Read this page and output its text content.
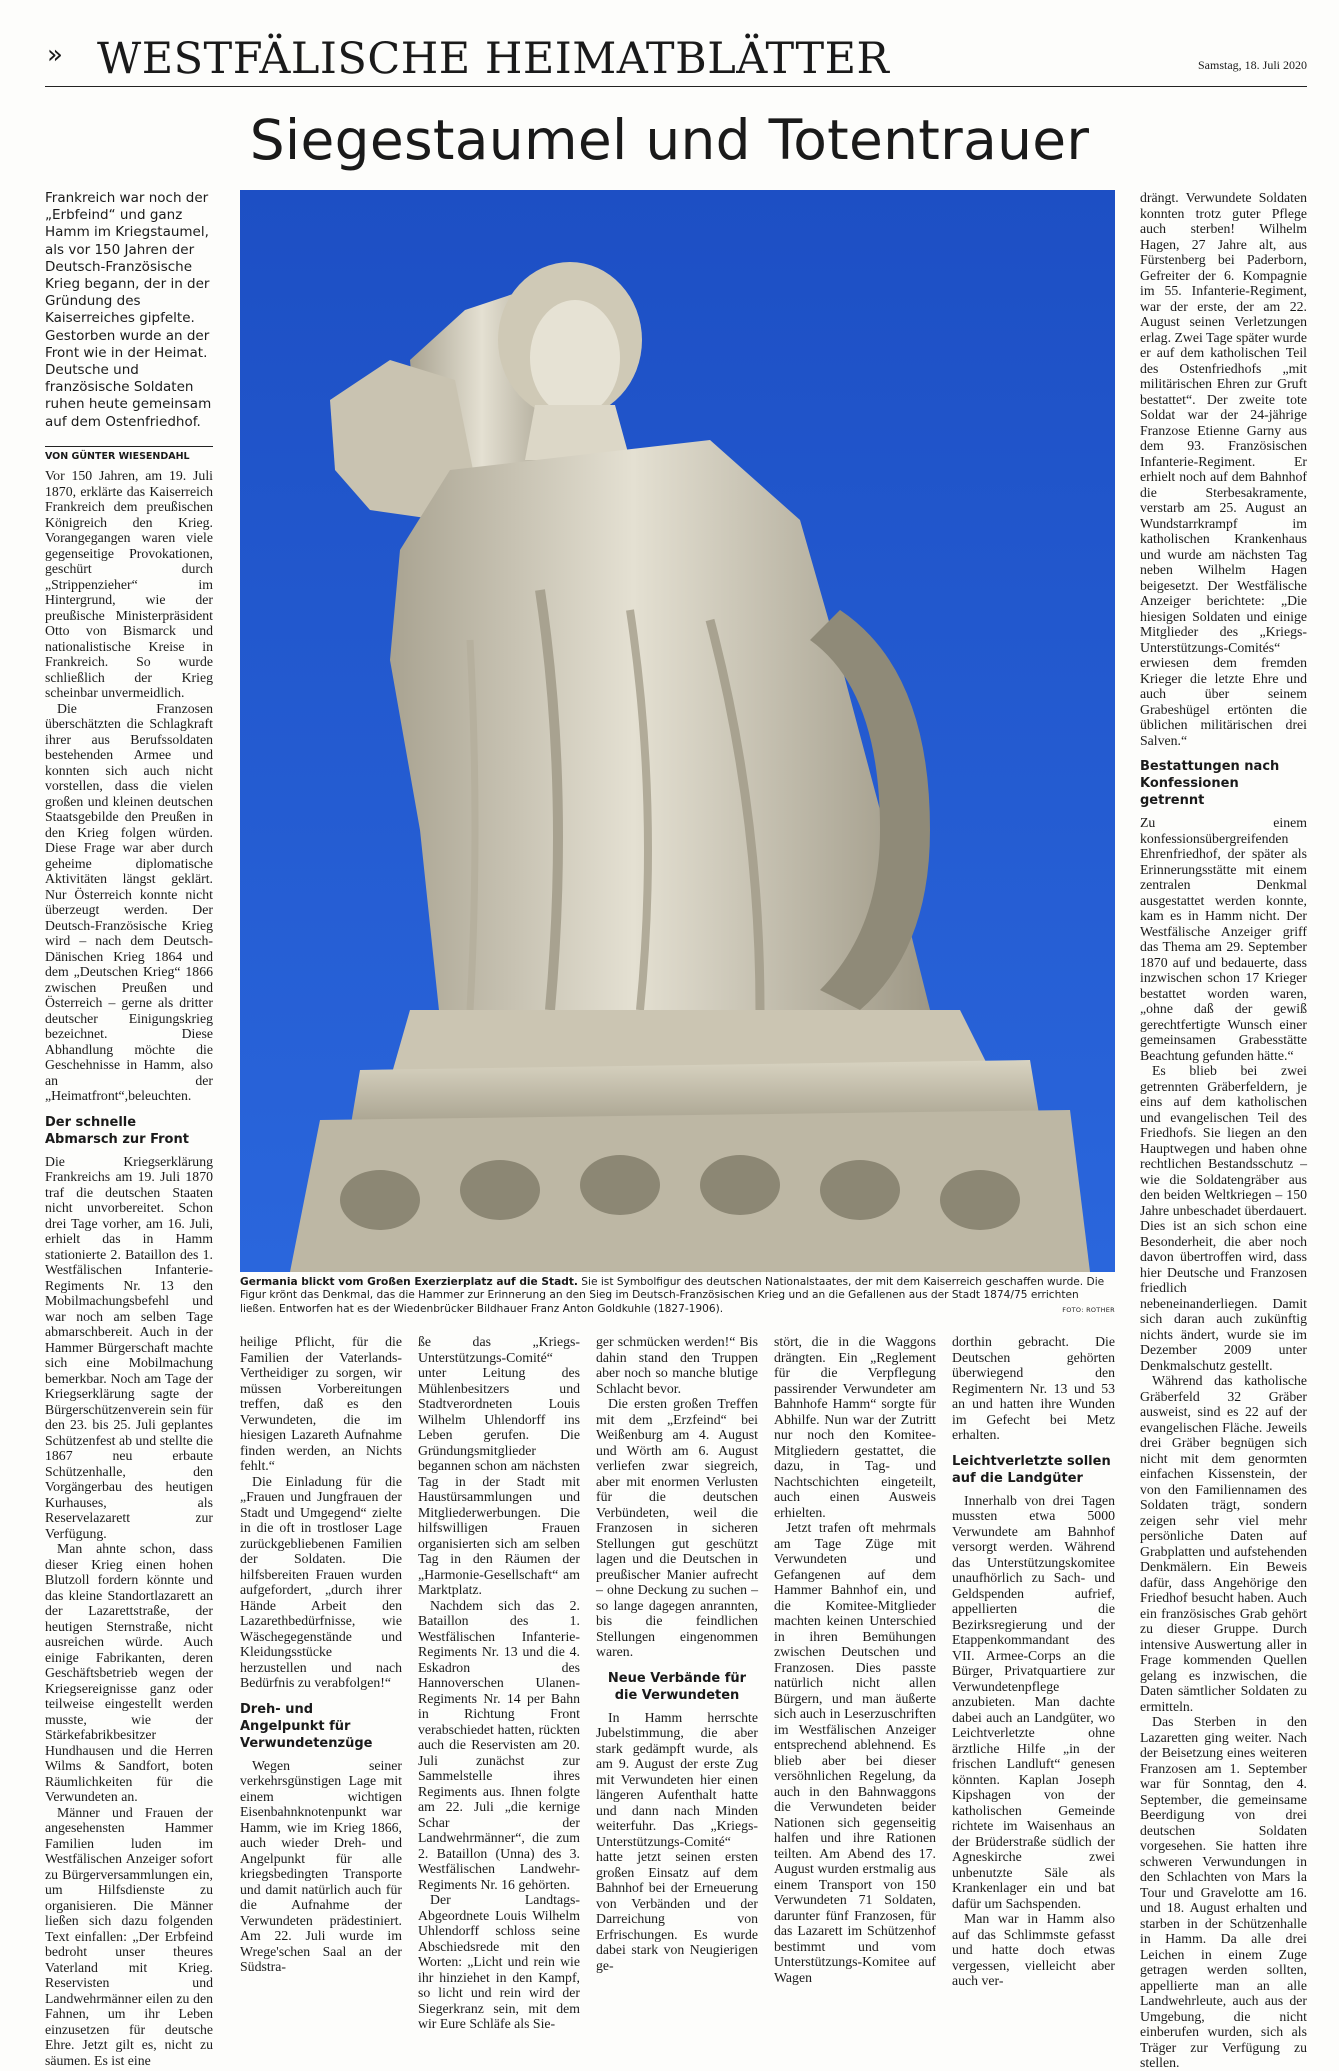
» WESTFÄLISCHE HEIMATBLÄTTER	Samstag, 18. Juli 2020
Siegestaumel und Totentrauer
Frankreich war noch der „Erbfeind“ und ganz Hamm im Kriegstaumel, als vor 150 Jahren der Deutsch-Französische Krieg begann, der in der Gründung des Kaiserreiches gipfelte. Gestorben wurde an der Front wie in der Heimat. Deutsche und französische Soldaten ruhen heute gemeinsam auf dem Ostenfriedhof.
VON GÜNTER WIESENDAHL

Vor 150 Jahren, am 19. Juli 1870, erklärte das Kaiserreich Frankreich dem preußischen Königreich den Krieg. Vorangegangen waren viele gegenseitige Provokationen, geschürt durch „Strippenzieher“ im Hintergrund, wie der preußische Ministerpräsident Otto von Bismarck und nationalistische Kreise in Frankreich. So wurde schließlich der Krieg scheinbar unvermeidlich.

Die Franzosen überschätzten die Schlagkraft ihrer aus Berufssoldaten bestehenden Armee und konnten sich auch nicht vorstellen, dass die vielen großen und kleinen deutschen Staatsgebilde den Preußen in den Krieg folgen würden. Diese Frage war aber durch geheime diplomatische Aktivitäten längst geklärt. Nur Österreich konnte nicht überzeugt werden. Der Deutsch-Französische Krieg wird – nach dem Deutsch-Dänischen Krieg 1864 und dem „Deutschen Krieg“ 1866 zwischen Preußen und Österreich – gerne als dritter deutscher Einigungskrieg bezeichnet. Diese Abhandlung möchte die Geschehnisse in Hamm, also an der „Heimatfront“,beleuchten.

Der schnelle Abmarsch zur Front

Die Kriegserklärung Frankreichs am 19. Juli 1870 traf die deutschen Staaten nicht unvorbereitet. Schon drei Tage vorher, am 16. Juli, erhielt das in Hamm stationierte 2. Bataillon des 1. Westfälischen Infanterie-Regiments Nr. 13 den Mobilmachungsbefehl und war noch am selben Tage abmarschbereit. Auch in der Hammer Bürgerschaft machte sich eine Mobilmachung bemerkbar. Noch am Tage der Kriegserklärung sagte der Bürgerschützenverein sein für den 23. bis 25. Juli geplantes Schützenfest ab und stellte die 1867 neu erbaute Schützenhalle, den Vorgängerbau des heutigen Kurhauses, als Reservelazarett zur Verfügung.

Man ahnte schon, dass dieser Krieg einen hohen Blutzoll fordern könnte und das kleine Standortlazarett an der Lazarettstraße, der heutigen Sternstraße, nicht ausreichen würde. Auch einige Fabrikanten, deren Geschäftsbetrieb wegen der Kriegsereignisse ganz oder teilweise eingestellt werden musste, wie der Stärkefabrikbesitzer Hundhausen und die Herren Wilms & Sandfort, boten Räumlichkeiten für die Verwundeten an.

Männer und Frauen der angesehensten Hammer Familien luden im Westfälischen Anzeiger sofort zu Bürgerversammlungen ein, um Hilfsdienste zu organisieren. Die Männer ließen sich dazu folgenden Text einfallen: „Der Erbfeind bedroht unser theures Vaterland mit Krieg. Reservisten und Landwehrmänner eilen zu den Fahnen, um ihr Leben einzusetzen für deutsche Ehre. Jetzt gilt es, nicht zu säumen. Es ist eine

Germania blickt vom Großen Exerzierplatz auf die Stadt. Sie ist Symbolfigur des deutschen Nationalstaates, der mit dem Kaiserreich geschaffen wurde. Die Figur krönt das Denkmal, das die Hammer zur Erinnerung an den Sieg im Deutsch-Französischen Krieg und an die Gefallenen aus der Stadt 1874/75 errichten ließen. Entworfen hat es der Wiedenbrücker Bildhauer Franz Anton Goldkuhle (1827-1906).	FOTO: ROTHER

drängt. Verwundete Soldaten konnten trotz guter Pflege auch sterben! Wilhelm Hagen, 27 Jahre alt, aus Fürstenberg bei Paderborn, Gefreiter der 6. Kompagnie im 55. Infanterie-Regiment, war der erste, der am 22. August seinen Verletzungen erlag. Zwei Tage später wurde er auf dem katholischen Teil des Ostenfriedhofs „mit militärischen Ehren zur Gruft bestattet“. Der zweite tote Soldat war der 24-jährige Franzose Etienne Garny aus dem 93. Französischen Infanterie-Regiment. Er erhielt noch auf dem Bahnhof die Sterbesakramente, verstarb am 25. August an Wundstarrkrampf im katholischen Krankenhaus und wurde am nächsten Tag neben Wilhelm Hagen beigesetzt. Der Westfälische Anzeiger berichtete: „Die hiesigen Soldaten und einige Mitglieder des „Kriegs-Unterstützungs-Comités“ erwiesen dem fremden Krieger die letzte Ehre und auch über seinem Grabeshügel ertönten die üblichen militärischen drei Salven.“

Bestattungen nach Konfessionen getrennt

Zu einem konfessionsübergreifenden Ehrenfriedhof, der später als Erinnerungsstätte mit einem zentralen Denkmal ausgestattet werden konnte, kam es in Hamm nicht. Der Westfälische Anzeiger griff das Thema am 29. September 1870 auf und bedauerte, dass inzwischen schon 17 Krieger bestattet worden waren, „ohne daß der gewiß gerechtfertigte Wunsch einer gemeinsamen Grabesstätte Beachtung gefunden hätte.“

Es blieb bei zwei getrennten Gräberfeldern, je eins auf dem katholischen und evangelischen Teil des Friedhofs. Sie liegen an den Hauptwegen und haben ohne rechtlichen Bestandsschutz – wie die Soldatengräber aus den beiden Weltkriegen – 150 Jahre unbeschadet überdauert. Dies ist an sich schon eine Besonderheit, die aber noch davon übertroffen wird, dass hier Deutsche und Franzosen friedlich nebeneinanderliegen. Damit sich daran auch zukünftig nichts ändert, wurde sie im Dezember 2009 unter Denkmalschutz gestellt.

Während das katholische Gräberfeld 32 Gräber ausweist, sind es 22 auf der evangelischen Fläche. Jeweils drei Gräber begnügen sich nicht mit dem genormten einfachen Kissenstein, der von den Familiennamen des Soldaten trägt, sondern zeigen sehr viel mehr persönliche Daten auf Grabplatten und aufstehenden Denkmälern. Ein Beweis dafür, dass Angehörige den Friedhof besucht haben. Auch ein französisches Grab gehört zu dieser Gruppe. Durch intensive Auswertung aller in Frage kommenden Quellen gelang es inzwischen, die Daten sämtlicher Soldaten zu ermitteln.

Das Sterben in den Lazaretten ging weiter. Nach der Beisetzung eines weiteren Franzosen am 1. September war für Sonntag, den 4. September, die gemeinsame Beerdigung von drei deutschen Soldaten vorgesehen. Sie hatten ihre schweren Verwundungen in den Schlachten von Mars la Tour und Gravelotte am 16. und 18. August erhalten und starben in der Schützenhalle in Hamm. Da alle drei Leichen in einem Zuge getragen werden sollten, appellierte man an alle Landwehrleute, auch aus der Umgebung, die nicht einberufen wurden, sich als Träger zur Verfügung zu stellen.

heilige Pflicht, für die Familien der Vaterlands-Vertheidiger zu sorgen, wir müssen Vorbereitungen treffen, daß es den Verwundeten, die im hiesigen Lazareth Aufnahme finden werden, an Nichts fehlt.“

Die Einladung für die „Frauen und Jungfrauen der Stadt und Umgegend“ zielte in die oft in trostloser Lage zurückgebliebenen Familien der Soldaten. Die hilfsbereiten Frauen wurden aufgefordert, „durch ihrer Hände Arbeit den Lazarethbedürfnisse, wie Wäschegegenstände und Kleidungsstücke herzustellen und nach Bedürfnis zu verabfolgen!“

Dreh- und Angelpunkt für Verwundetenzüge

Wegen seiner verkehrsgünstigen Lage mit einem wichtigen Eisenbahnknotenpunkt war Hamm, wie im Krieg 1866, auch wieder Dreh- und Angelpunkt für alle kriegsbedingten Transporte und damit natürlich auch für die Aufnahme der Verwundeten prädestiniert. Am 22. Juli wurde im Wrege'schen Saal an der Südstra-

ße das „Kriegs-Unterstützungs-Comité“ unter Leitung des Mühlenbesitzers und Stadtverordneten Louis Wilhelm Uhlendorff ins Leben gerufen. Die Gründungsmitglieder begannen schon am nächsten Tag in der Stadt mit Haustürsammlungen und Mitgliederwerbungen. Die hilfswilligen Frauen organisierten sich am selben Tag in den Räumen der „Harmonie-Gesellschaft“ am Marktplatz.

Nachdem sich das 2. Bataillon des 1. Westfälischen Infanterie-Regiments Nr. 13 und die 4. Eskadron des Hannoverschen Ulanen-Regiments Nr. 14 per Bahn in Richtung Front verabschiedet hatten, rückten auch die Reservisten am 20. Juli zunächst zur Sammelstelle ihres Regiments aus. Ihnen folgte am 22. Juli „die kernige Schar der Landwehrmänner“, die zum 2. Bataillon (Unna) des 3. Westfälischen Landwehr-Regiments Nr. 16 gehörten.

Der Landtags-Abgeordnete Louis Wilhelm Uhlendorff schloss seine Abschiedsrede mit den Worten: „Licht und rein wie ihr hinziehet in den Kampf, so licht und rein wird der Siegerkranz sein, mit dem wir Eure Schläfe als Sie-

ger schmücken werden!“ Bis dahin stand den Truppen aber noch so manche blutige Schlacht bevor.

Die ersten großen Treffen mit dem „Erzfeind“ bei Weißenburg am 4. August und Wörth am 6. August verliefen zwar siegreich, aber mit enormen Verlusten für die deutschen Verbündeten, weil die Franzosen in sicheren Stellungen gut geschützt lagen und die Deutschen in preußischer Manier aufrecht – ohne Deckung zu suchen – so lange dagegen anrannten, bis die feindlichen Stellungen eingenommen waren.

Neue Verbände für die Verwundeten

In Hamm herrschte Jubelstimmung, die aber stark gedämpft wurde, als am 9. August der erste Zug mit Verwundeten hier einen längeren Aufenthalt hatte und dann nach Minden weiterfuhr. Das „Kriegs-Unterstützungs-Comité“ hatte jetzt seinen ersten großen Einsatz auf dem Bahnhof bei der Erneuerung von Verbänden und der Darreichung von Erfrischungen. Es wurde dabei stark von Neugierigen ge-

stört, die in die Waggons drängten. Ein „Reglement für die Verpflegung passirender Verwundeter am Bahnhofe Hamm“ sorgte für Abhilfe. Nun war der Zutritt nur noch den Komitee-Mitgliedern gestattet, die dazu, in Tag- und Nachtschichten eingeteilt, auch einen Ausweis erhielten.

Jetzt trafen oft mehrmals am Tage Züge mit Verwundeten und Gefangenen auf dem Hammer Bahnhof ein, und die Komitee-Mitglieder machten keinen Unterschied in ihren Bemühungen zwischen Deutschen und Franzosen. Dies passte natürlich nicht allen Bürgern, und man äußerte sich auch in Leserzuschriften im Westfälischen Anzeiger entsprechend ablehnend. Es blieb aber bei dieser versöhnlichen Regelung, da auch in den Bahnwaggons die Verwundeten beider Nationen sich gegenseitig halfen und ihre Rationen teilten. Am Abend des 17. August wurden erstmalig aus einem Transport von 150 Verwundeten 71 Soldaten, darunter fünf Franzosen, für das Lazarett im Schützenhof bestimmt und vom Unterstützungs-Komitee auf Wagen

dorthin gebracht. Die Deutschen gehörten überwiegend den Regimentern Nr. 13 und 53 an und hatten ihre Wunden im Gefecht bei Metz erhalten.

Leichtverletzte sollen auf die Landgüter

Innerhalb von drei Tagen mussten etwa 5000 Verwundete am Bahnhof versorgt werden. Während das Unterstützungskomitee unaufhörlich zu Sach- und Geldspenden aufrief, appellierten die Bezirksregierung und der Etappenkommandant des VII. Armee-Corps an die Bürger, Privatquartiere zur Verwundetenpflege anzubieten. Man dachte dabei auch an Landgüter, wo Leichtverletzte ohne ärztliche Hilfe „in der frischen Landluft“ genesen könnten. Kaplan Joseph Kipshagen von der katholischen Gemeinde richtete im Waisenhaus an der Brüderstraße südlich der Agneskirche zwei unbenutzte Säle als Krankenlager ein und bat dafür um Sachspenden.

Man war in Hamm also auf das Schlimmste gefasst und hatte doch etwas vergessen, vielleicht aber auch ver-
